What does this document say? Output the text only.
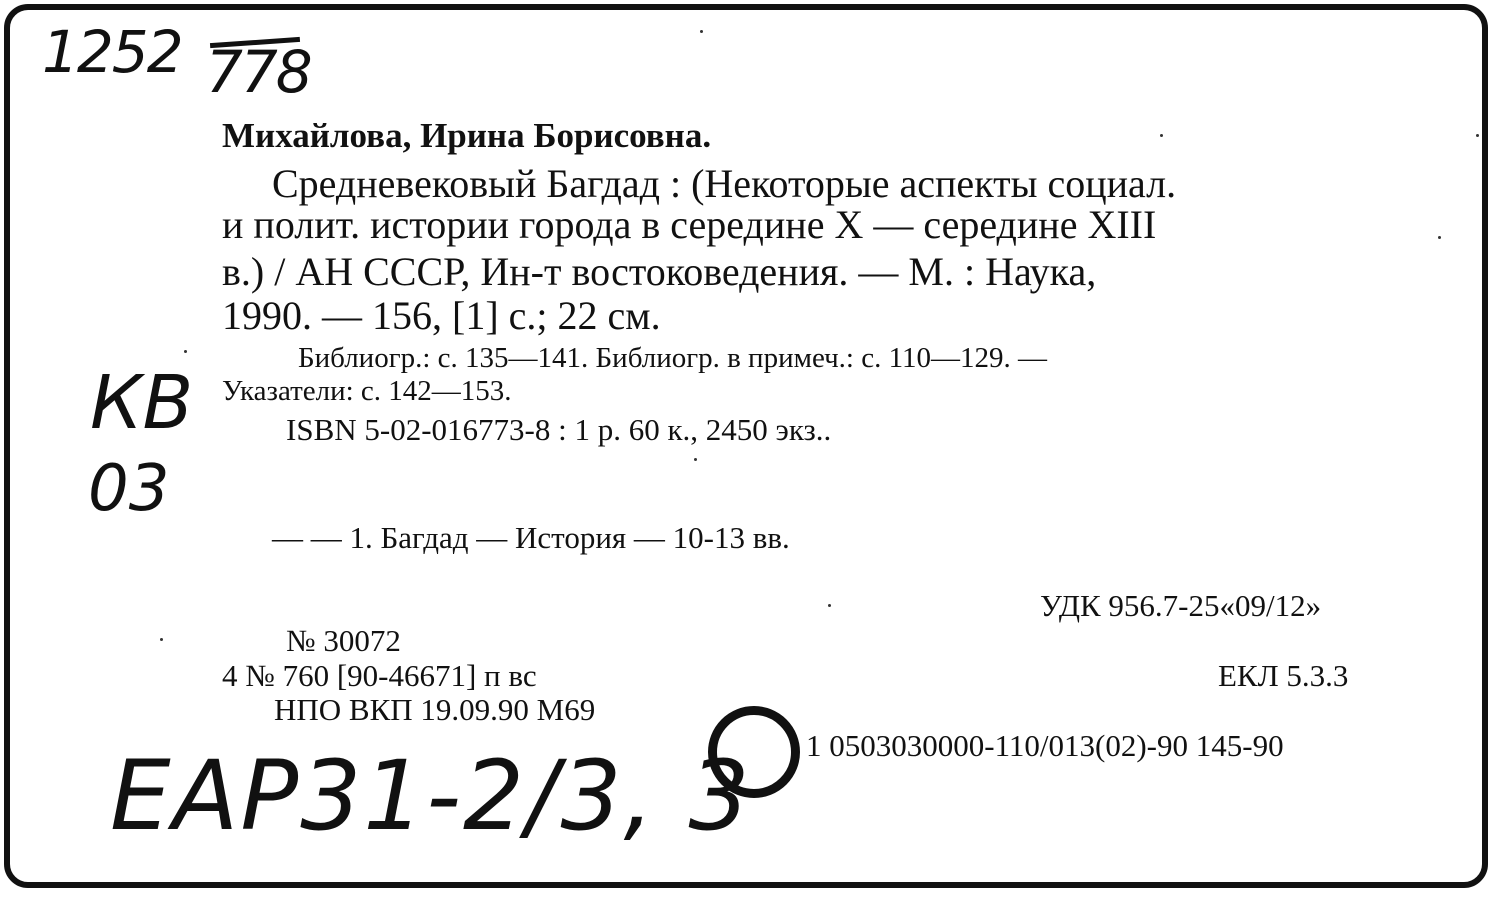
1252 778
КВ
03
ЕАР31-2/3, 3
Михайлова, Ирина Борисовна.
Средневековый Багдад : (Некоторые аспекты социал.
и полит. истории города в середине X — середине XIII
в.) / АН СССР, Ин-т востоковедения. — М. : Наука,
1990. — 156, [1] с.; 22 см.
Библиогр.: с. 135—141. Библиогр. в примеч.: с. 110—129. —
Указатели: с. 142—153.
ISBN 5-02-016773-8 : 1 р. 60 к., 2450 экз..
— — 1. Багдад — История — 10-13 вв.
УДК 956.7-25«09/12»
№ 30072
4 № 760 [90-46671] п вс	ЕКЛ 5.3.3
НПО ВКП 19.09.90 М69
1 0503030000-110/013(02)-90 145-90
